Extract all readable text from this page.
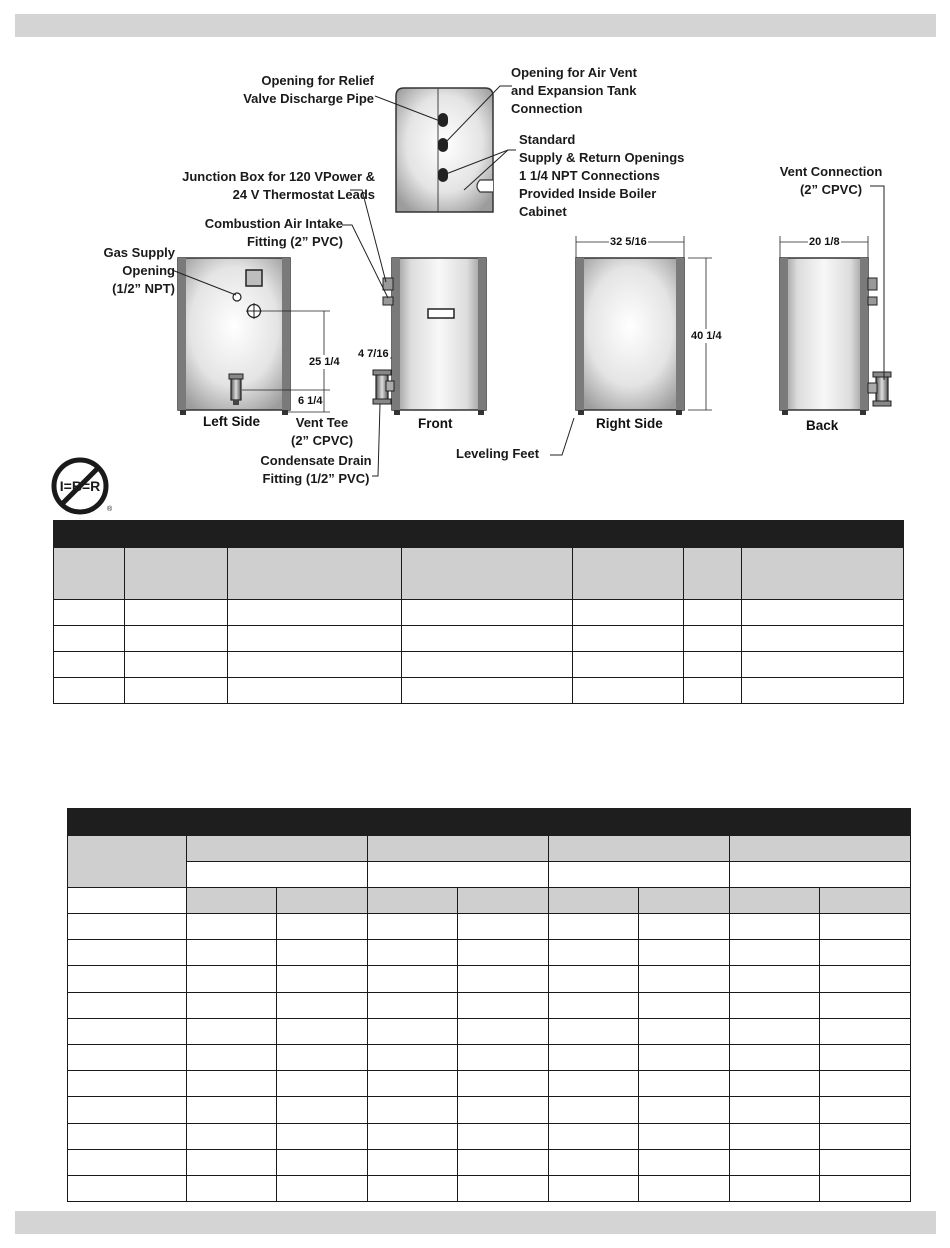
Opening for Relief
Valve Discharge Pipe
Opening for Air Vent
and Expansion Tank
Connection
Standard
Supply & Return Openings
1 1/4 NPT Connections
Provided Inside Boiler
Cabinet
Junction Box for 120 VPower &
24 V Thermostat Leads
Combustion Air Intake
Fitting (2” PVC)
Gas Supply
Opening
(1/2” NPT)
Vent Connection
(2” CPVC)
Vent Tee
(2” CPVC)
Condensate Drain
Fitting (1/2” PVC)
Leveling Feet
Left Side	Front	Right Side	Back
25 1/4
6 1/4
4 7/16
32 5/16
40 1/4
20 1/8
I=B=R
®
